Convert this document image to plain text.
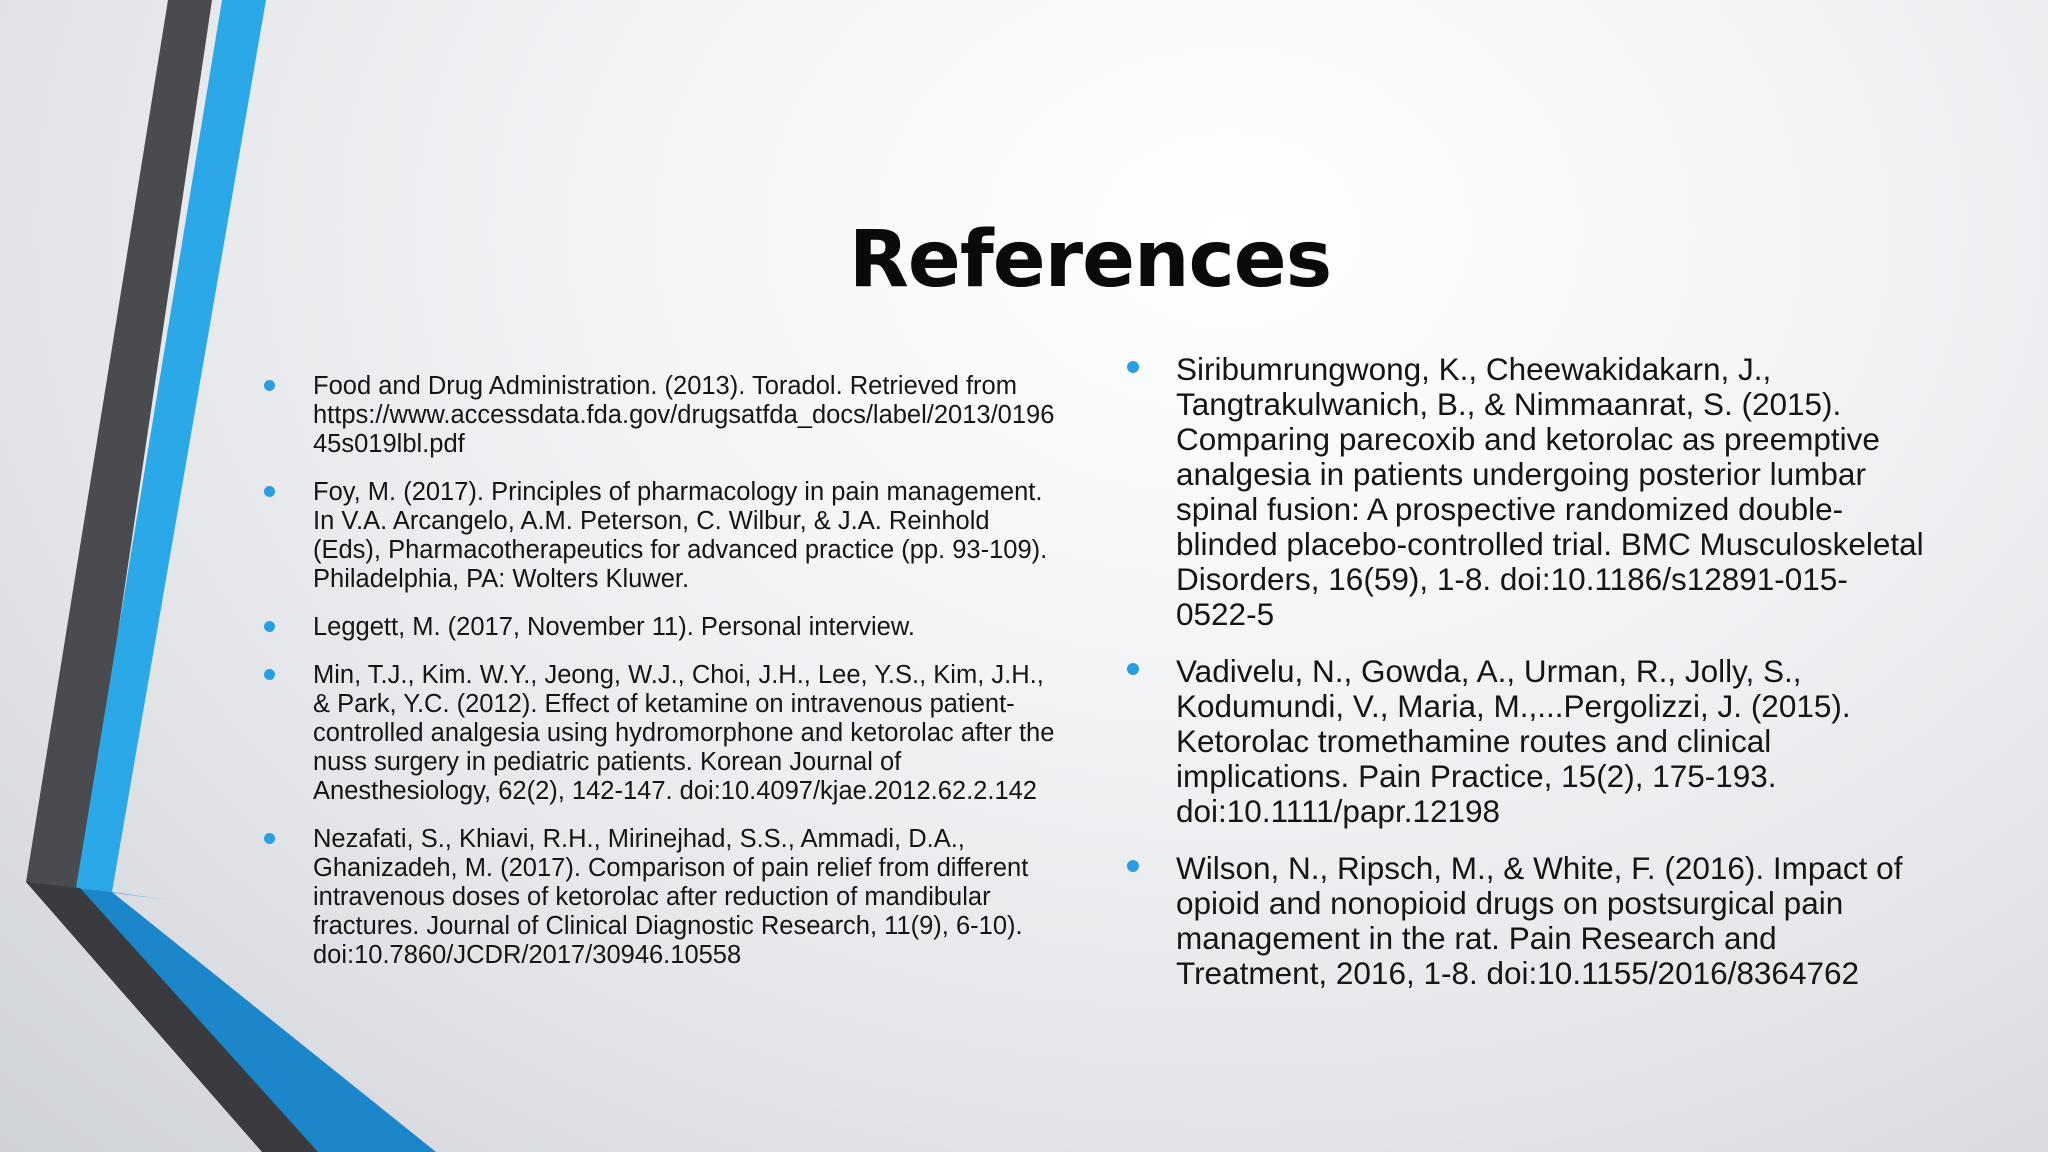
References
Food and Drug Administration. (2013). Toradol. Retrieved from https://www.accessdata.fda.gov/drugsatfda_docs/label/2013/019645s019lbl.pdf
Foy, M. (2017). Principles of pharmacology in pain management. In V.A. Arcangelo, A.M. Peterson, C. Wilbur, & J.A. Reinhold (Eds), Pharmacotherapeutics for advanced practice (pp. 93-109). Philadelphia, PA: Wolters Kluwer.
Leggett, M. (2017, November 11). Personal interview.
Min, T.J., Kim. W.Y., Jeong, W.J., Choi, J.H., Lee, Y.S., Kim, J.H., & Park, Y.C. (2012). Effect of ketamine on intravenous patient-controlled analgesia using hydromorphone and ketorolac after the nuss surgery in pediatric patients. Korean Journal of Anesthesiology, 62(2), 142-147. doi:10.4097/kjae.2012.62.2.142
Nezafati, S., Khiavi, R.H., Mirinejhad, S.S., Ammadi, D.A., Ghanizadeh, M. (2017). Comparison of pain relief from different intravenous doses of ketorolac after reduction of mandibular fractures. Journal of Clinical Diagnostic Research, 11(9), 6-10). doi:10.7860/JCDR/2017/30946.10558
Siribumrungwong, K., Cheewakidakarn, J., Tangtrakulwanich, B., & Nimmaanrat, S. (2015). Comparing parecoxib and ketorolac as preemptive analgesia in patients undergoing posterior lumbar spinal fusion: A prospective randomized double-blinded placebo-controlled trial. BMC Musculoskeletal Disorders, 16(59), 1-8. doi:10.1186/s12891-015-0522-5
Vadivelu, N., Gowda, A., Urman, R., Jolly, S., Kodumundi, V., Maria, M.,...Pergolizzi, J. (2015). Ketorolac tromethamine routes and clinical implications. Pain Practice, 15(2), 175-193. doi:10.1111/papr.12198
Wilson, N., Ripsch, M., & White, F. (2016). Impact of opioid and nonopioid drugs on postsurgical pain management in the rat. Pain Research and Treatment, 2016, 1-8. doi:10.1155/2016/8364762
